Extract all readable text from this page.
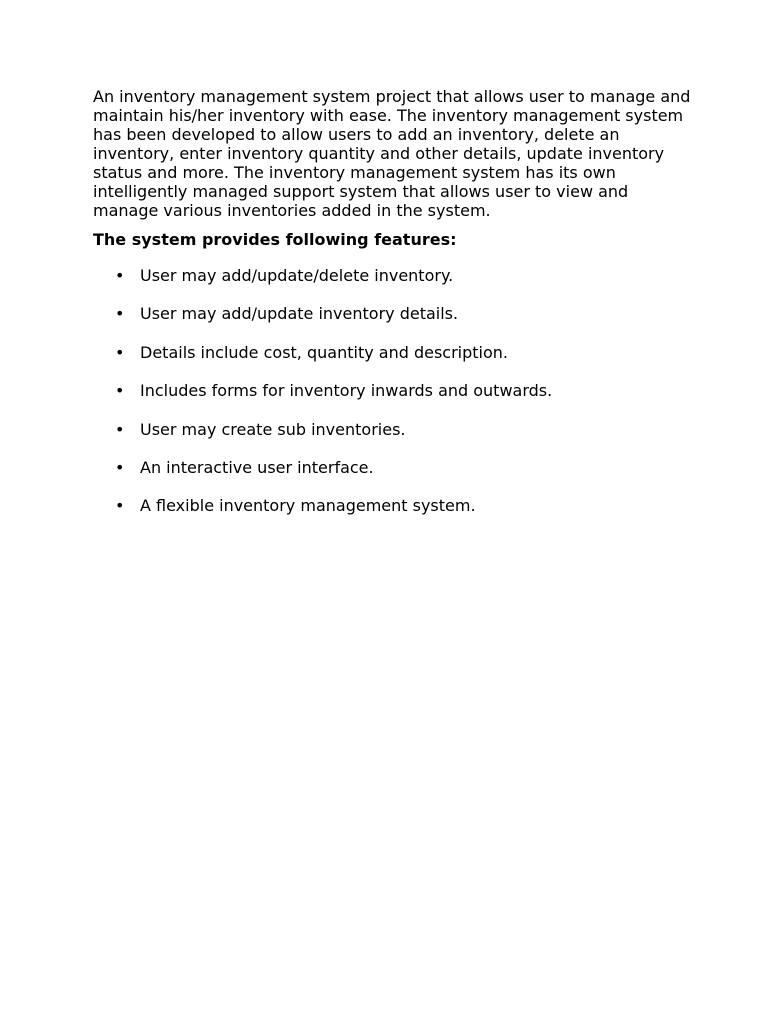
An inventory management system project that allows user to manage and maintain his/her inventory with ease. The inventory management system has been developed to allow users to add an inventory, delete an inventory, enter inventory quantity and other details, update inventory status and more. The inventory management system has its own intelligently managed support system that allows user to view and manage various inventories added in the system.

The system provides following features:

• User may add/update/delete inventory.
• User may add/update inventory details.
• Details include cost, quantity and description.
• Includes forms for inventory inwards and outwards.
• User may create sub inventories.
• An interactive user interface.
• A flexible inventory management system.
